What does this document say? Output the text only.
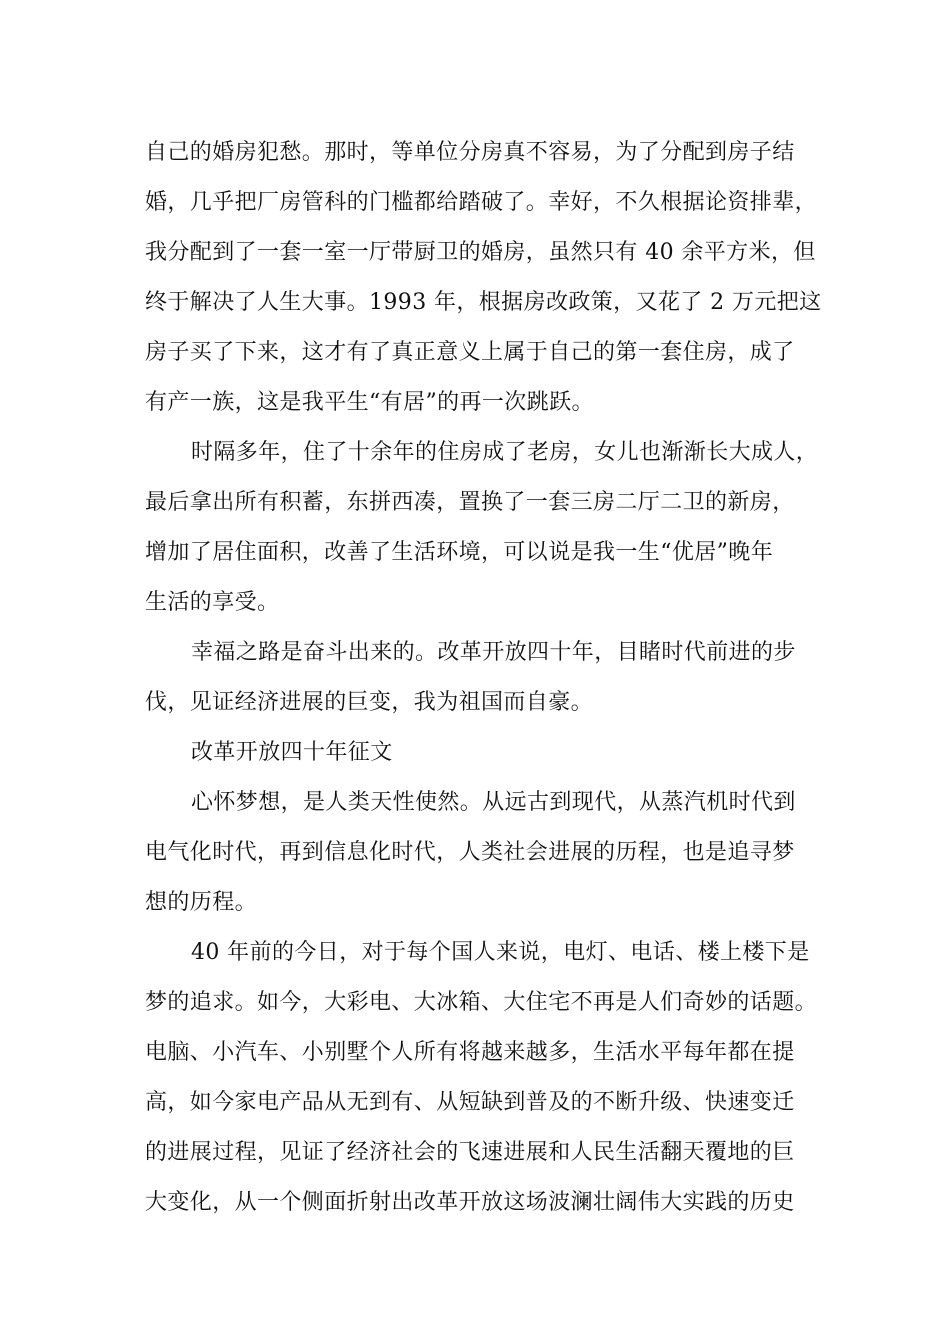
自己的婚房犯愁。那时，等单位分房真不容易，为了分配到房子结
婚，几乎把厂房管科的门槛都给踏破了。幸好，不久根据论资排辈，
我分配到了一套一室一厅带厨卫的婚房，虽然只有 40 余平方米，但
终于解决了人生大事。1993 年，根据房改政策，又花了 2 万元把这
房子买了下来，这才有了真正意义上属于自己的第一套住房，成了
有产一族，这是我平生“有居”的再一次跳跃。
时隔多年，住了十余年的住房成了老房，女儿也渐渐长大成人，
最后拿出所有积蓄，东拼西凑，置换了一套三房二厅二卫的新房，
增加了居住面积，改善了生活环境，可以说是我一生“优居”晚年
生活的享受。
幸福之路是奋斗出来的。改革开放四十年，目睹时代前进的步
伐，见证经济进展的巨变，我为祖国而自豪。
改革开放四十年征文
心怀梦想，是人类天性使然。从远古到现代，从蒸汽机时代到
电气化时代，再到信息化时代，人类社会进展的历程，也是追寻梦
想的历程。
40 年前的今日，对于每个国人来说，电灯、电话、楼上楼下是
梦的追求。如今，大彩电、大冰箱、大住宅不再是人们奇妙的话题。
电脑、小汽车、小别墅个人所有将越来越多，生活水平每年都在提
高，如今家电产品从无到有、从短缺到普及的不断升级、快速变迁
的进展过程，见证了经济社会的飞速进展和人民生活翻天覆地的巨
大变化，从一个侧面折射出改革开放这场波澜壮阔伟大实践的历史
